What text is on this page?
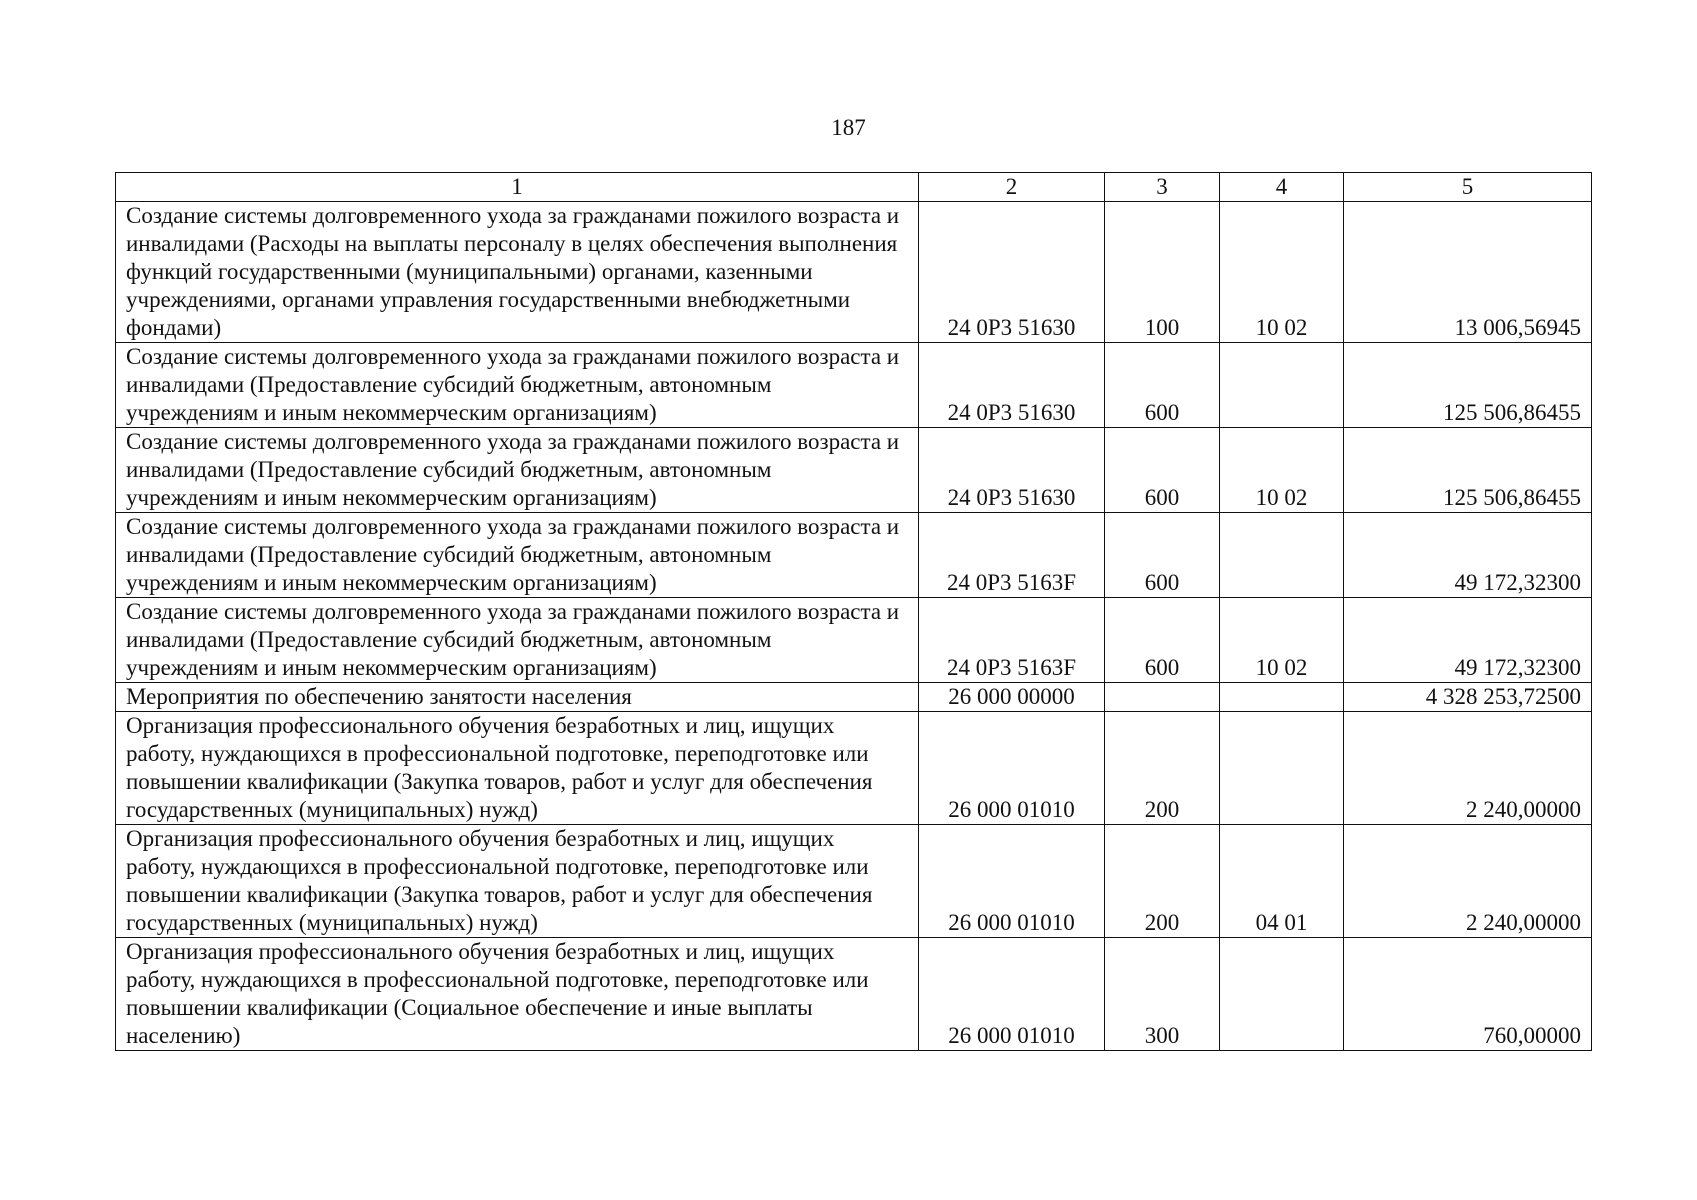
187
1	2	3	4	5
Создание системы долговременного ухода за гражданами пожилого возраста и инвалидами (Расходы на выплаты персоналу в целях обеспечения выполнения функций государственными (муниципальными) органами, казенными учреждениями, органами управления государственными внебюджетными фондами)	24 0P3 51630	100	10 02	13 006,56945
Создание системы долговременного ухода за гражданами пожилого возраста и инвалидами (Предоставление субсидий бюджетным, автономным учреждениям и иным некоммерческим организациям)	24 0P3 51630	600		125 506,86455
Создание системы долговременного ухода за гражданами пожилого возраста и инвалидами (Предоставление субсидий бюджетным, автономным учреждениям и иным некоммерческим организациям)	24 0P3 51630	600	10 02	125 506,86455
Создание системы долговременного ухода за гражданами пожилого возраста и инвалидами (Предоставление субсидий бюджетным, автономным учреждениям и иным некоммерческим организациям)	24 0P3 5163F	600		49 172,32300
Создание системы долговременного ухода за гражданами пожилого возраста и инвалидами (Предоставление субсидий бюджетным, автономным учреждениям и иным некоммерческим организациям)	24 0P3 5163F	600	10 02	49 172,32300
Мероприятия по обеспечению занятости населения	26 000 00000			4 328 253,72500
Организация профессионального обучения безработных и лиц, ищущих работу, нуждающихся в профессиональной подготовке, переподготовке или повышении квалификации (Закупка товаров, работ и услуг для обеспечения государственных (муниципальных) нужд)	26 000 01010	200		2 240,00000
Организация профессионального обучения безработных и лиц, ищущих работу, нуждающихся в профессиональной подготовке, переподготовке или повышении квалификации (Закупка товаров, работ и услуг для обеспечения государственных (муниципальных) нужд)	26 000 01010	200	04 01	2 240,00000
Организация профессионального обучения безработных и лиц, ищущих работу, нуждающихся в профессиональной подготовке, переподготовке или повышении квалификации (Социальное обеспечение и иные выплаты населению)	26 000 01010	300		760,00000
